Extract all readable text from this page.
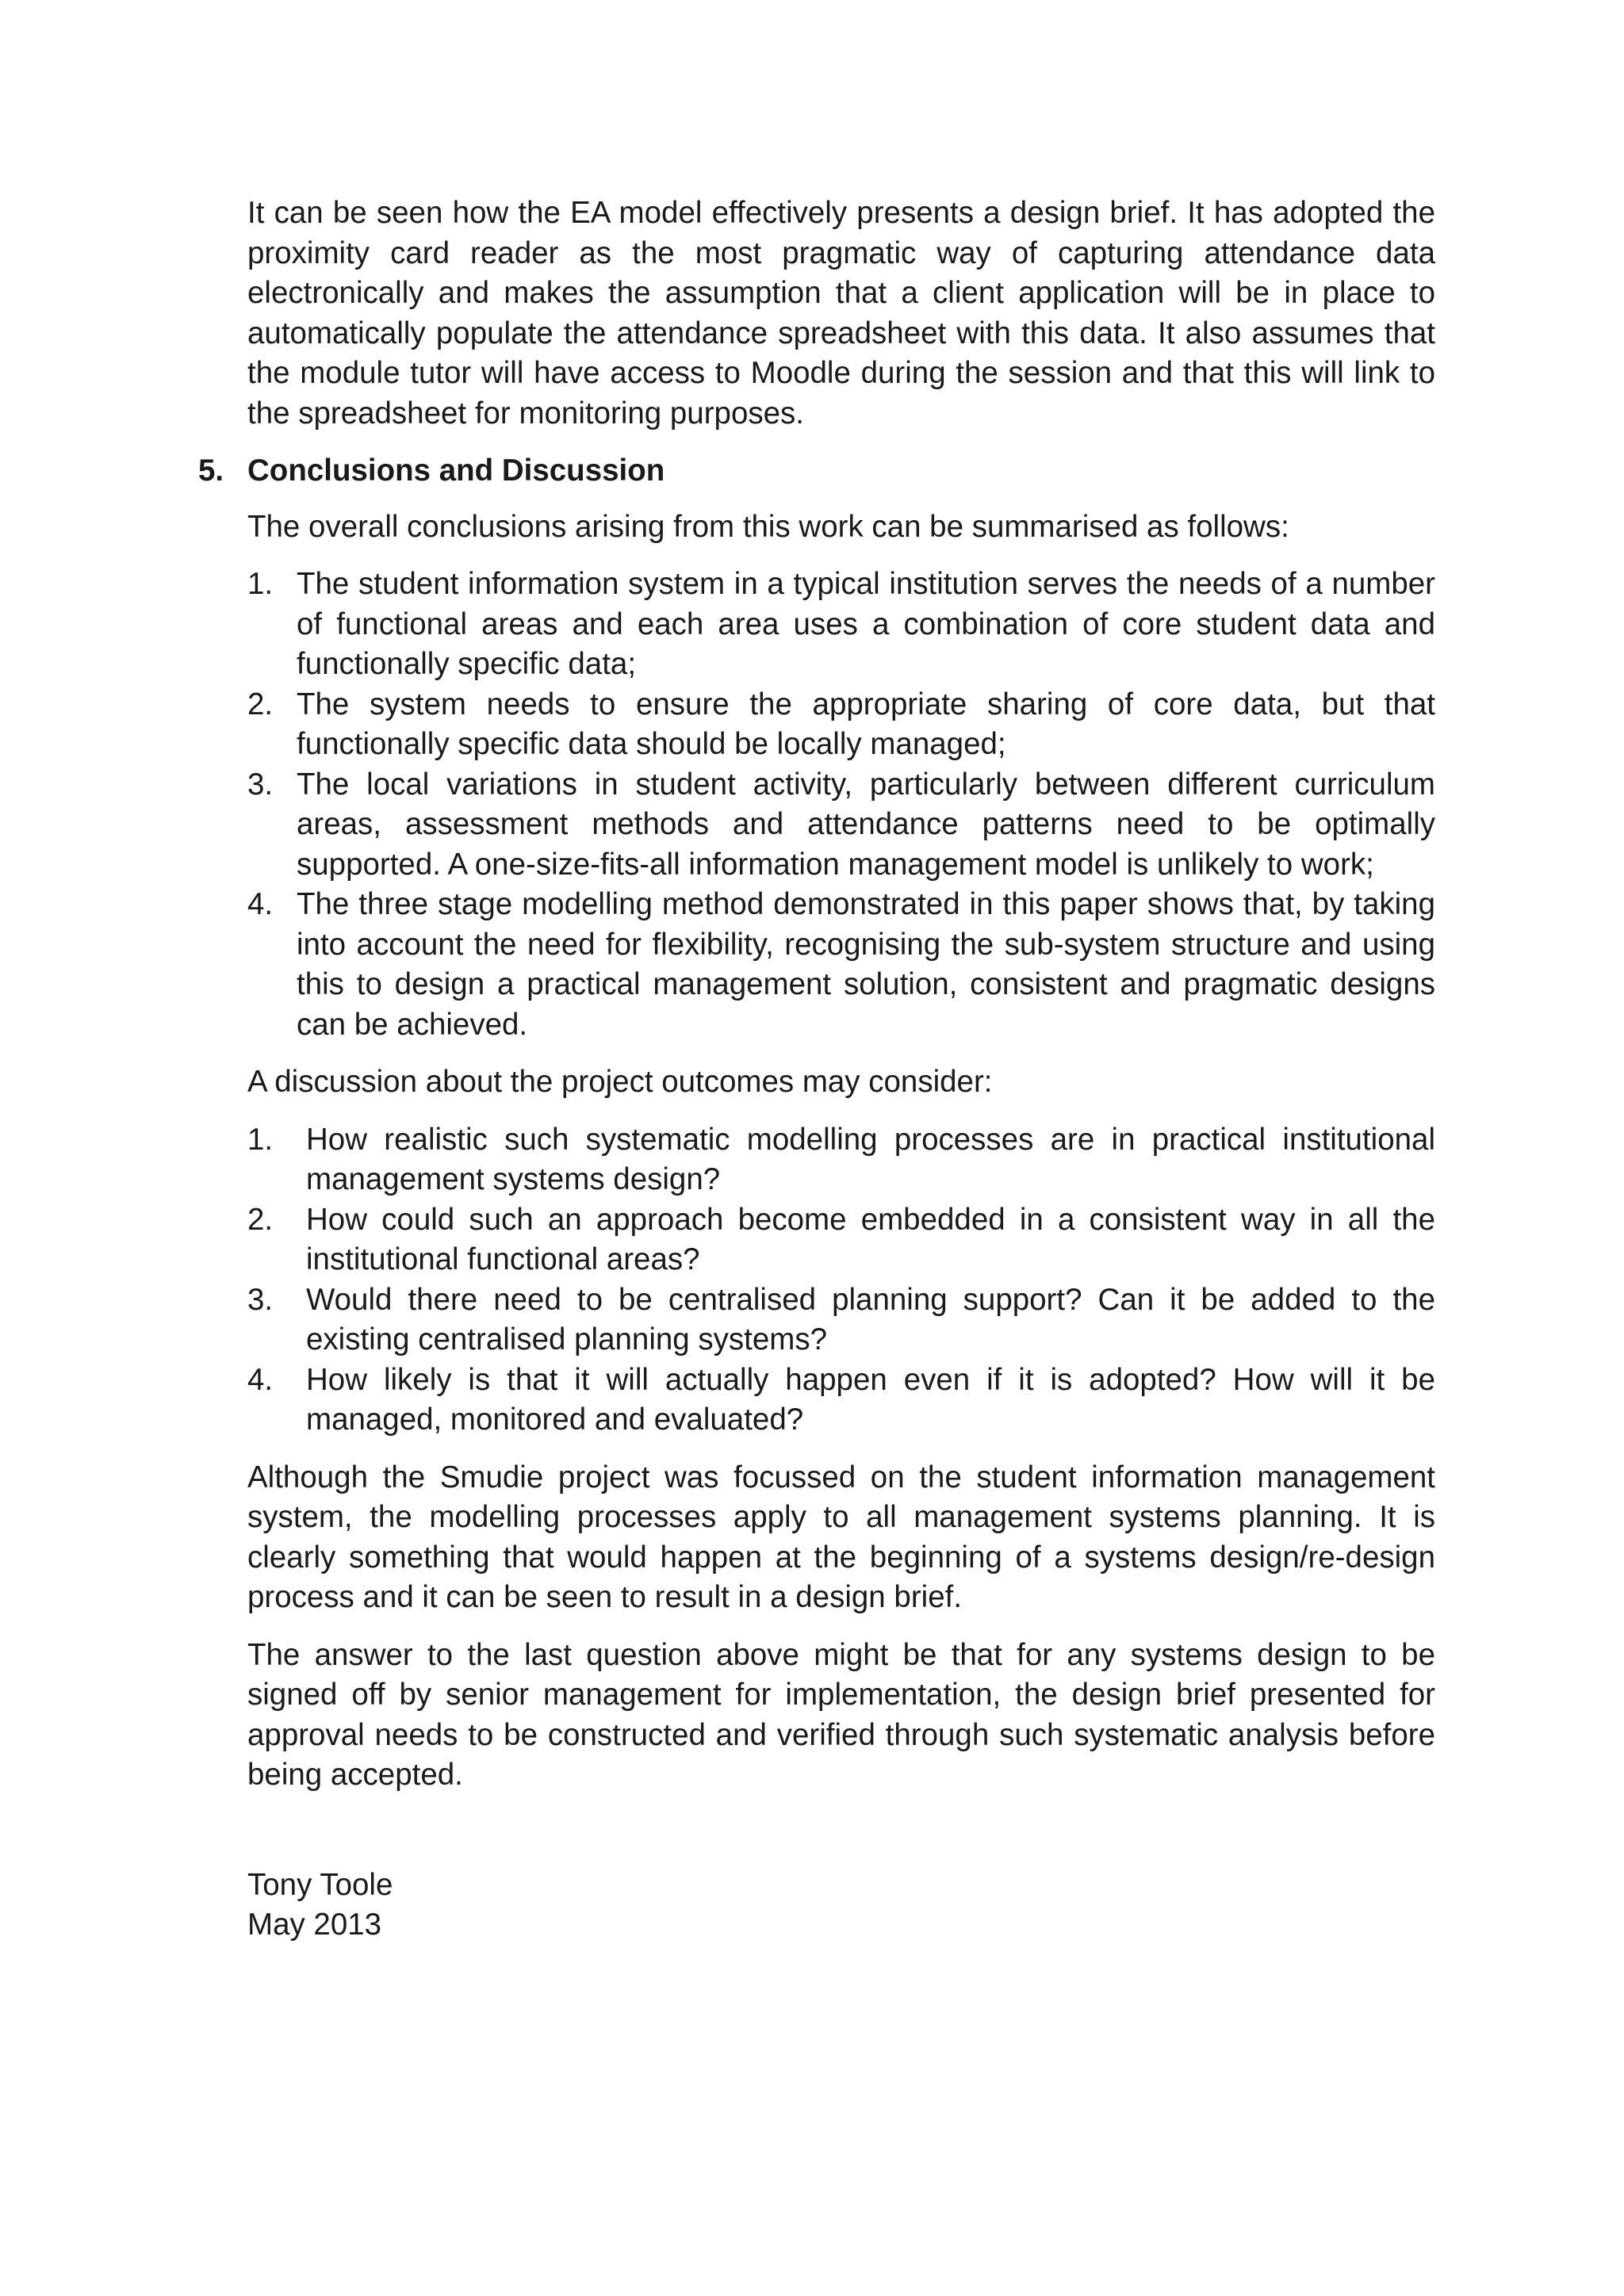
It can be seen how the EA model effectively presents a design brief. It has adopted the proximity card reader as the most pragmatic way of capturing attendance data electronically and makes the assumption that a client application will be in place to automatically populate the attendance spreadsheet with this data. It also assumes that the module tutor will have access to Moodle during the session and that this will link to the spreadsheet for monitoring purposes.

5. Conclusions and Discussion

The overall conclusions arising from this work can be summarised as follows:

1. The student information system in a typical institution serves the needs of a number of functional areas and each area uses a combination of core student data and functionally specific data;
2. The system needs to ensure the appropriate sharing of core data, but that functionally specific data should be locally managed;
3. The local variations in student activity, particularly between different curriculum areas, assessment methods and attendance patterns need to be optimally supported. A one-size-fits-all information management model is unlikely to work;
4. The three stage modelling method demonstrated in this paper shows that, by taking into account the need for flexibility, recognising the sub-system structure and using this to design a practical management solution, consistent and pragmatic designs can be achieved.

A discussion about the project outcomes may consider:

1. How realistic such systematic modelling processes are in practical institutional management systems design?
2. How could such an approach become embedded in a consistent way in all the institutional functional areas?
3. Would there need to be centralised planning support? Can it be added to the existing centralised planning systems?
4. How likely is that it will actually happen even if it is adopted? How will it be managed, monitored and evaluated?

Although the Smudie project was focussed on the student information management system, the modelling processes apply to all management systems planning. It is clearly something that would happen at the beginning of a systems design/re-design process and it can be seen to result in a design brief.

The answer to the last question above might be that for any systems design to be signed off by senior management for implementation, the design brief presented for approval needs to be constructed and verified through such systematic analysis before being accepted.

Tony Toole
May 2013
